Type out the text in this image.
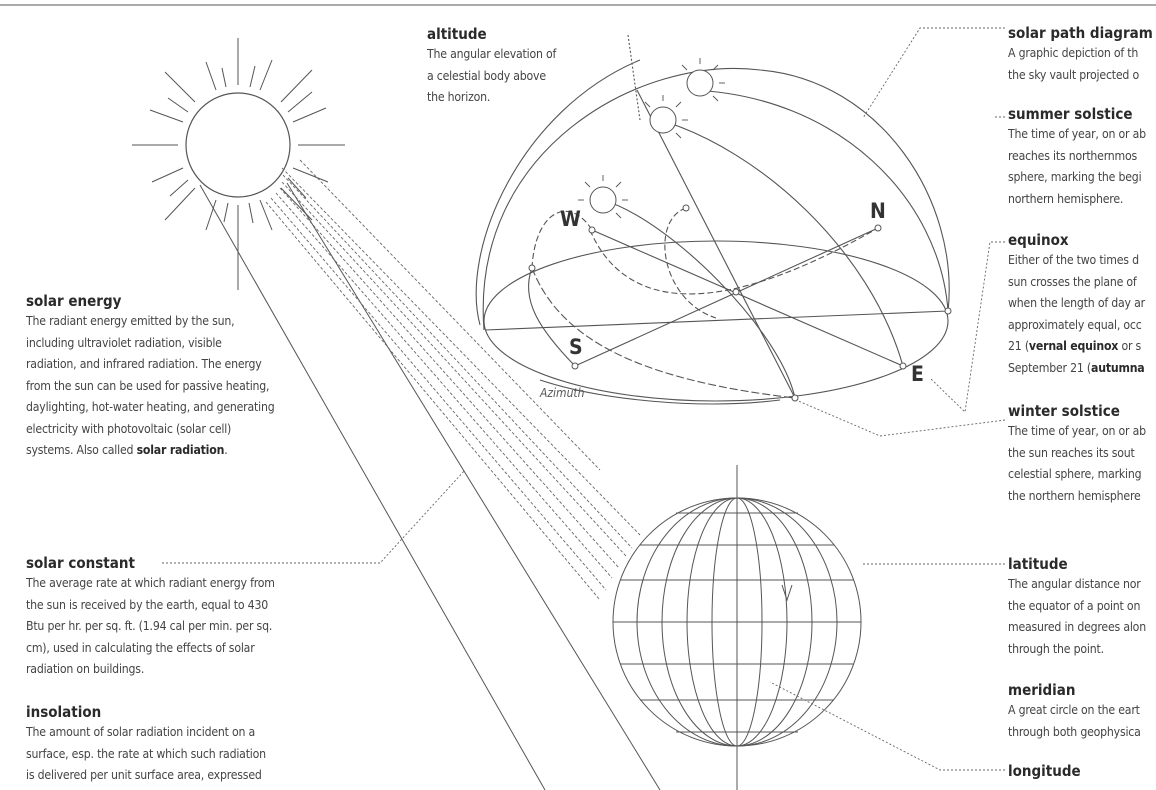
W	N
S
E
Azimuth
altitude
The angular elevation of
a celestial body above
the horizon.
solar path diagram
A graphic depiction of th
the sky vault projected o
summer solstice
The time of year, on or ab
reaches its northernmos
sphere, marking the begi
northern hemisphere.
equinox
Either of the two times d
sun crosses the plane of
when the length of day ar
approximately equal, occ
21 (vernal equinox or s
September 21 (autumna
winter solstice
The time of year, on or ab
the sun reaches its sout
celestial sphere, marking
the northern hemisphere
solar energy
The radiant energy emitted by the sun,
including ultraviolet radiation, visible
radiation, and infrared radiation. The energy
from the sun can be used for passive heating,
daylighting, hot-water heating, and generating
electricity with photovoltaic (solar cell)
systems. Also called solar radiation.
solar constant
The average rate at which radiant energy from
the sun is received by the earth, equal to 430
Btu per hr. per sq. ft. (1.94 cal per min. per sq.
cm), used in calculating the effects of solar
radiation on buildings.
insolation
The amount of solar radiation incident on a
surface, esp. the rate at which such radiation
is delivered per unit surface area, expressed
latitude
The angular distance nor
the equator of a point on
measured in degrees alon
through the point.
meridian
A great circle on the eart
through both geophysica
longitude
